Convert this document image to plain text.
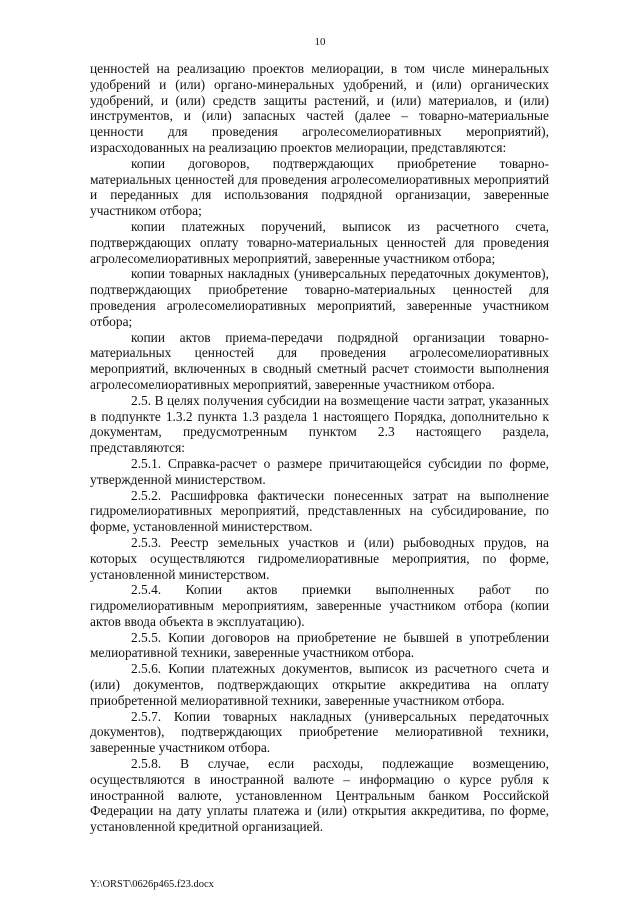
10

ценностей на реализацию проектов мелиорации, в том числе минеральных удобрений и (или) органо-минеральных удобрений, и (или) органических удобрений, и (или) средств защиты растений, и (или) материалов, и (или) инструментов, и (или) запасных частей (далее – товарно-материальные ценности для проведения агролесомелиоративных мероприятий), израсходованных на реализацию проектов мелиорации, представляются:

копии договоров, подтверждающих приобретение товарно-материальных ценностей для проведения агролесомелиоративных мероприятий и переданных для использования подрядной организации, заверенные участником отбора;

копии платежных поручений, выписок из расчетного счета, подтверждающих оплату товарно-материальных ценностей для проведения агролесомелиоративных мероприятий, заверенные участником отбора;

копии товарных накладных (универсальных передаточных документов), подтверждающих приобретение товарно-материальных ценностей для проведения агролесомелиоративных мероприятий, заверенные участником отбора;

копии актов приема-передачи подрядной организации товарно-материальных ценностей для проведения агролесомелиоративных мероприятий, включенных в сводный сметный расчет стоимости выполнения агролесомелиоративных мероприятий, заверенные участником отбора.

2.5. В целях получения субсидии на возмещение части затрат, указанных в подпункте 1.3.2 пункта 1.3 раздела 1 настоящего Порядка, дополнительно к документам, предусмотренным пунктом 2.3 настоящего раздела, представляются:

2.5.1. Справка-расчет о размере причитающейся субсидии по форме, утвержденной министерством.

2.5.2. Расшифровка фактически понесенных затрат на выполнение гидромелиоративных мероприятий, представленных на субсидирование, по форме, установленной министерством.

2.5.3. Реестр земельных участков и (или) рыбоводных прудов, на которых осуществляются гидромелиоративные мероприятия, по форме, установленной министерством.

2.5.4. Копии актов приемки выполненных работ по гидромелиоративным мероприятиям, заверенные участником отбора (копии актов ввода объекта в эксплуатацию).

2.5.5. Копии договоров на приобретение не бывшей в употреблении мелиоративной техники, заверенные участником отбора.

2.5.6. Копии платежных документов, выписок из расчетного счета и (или) документов, подтверждающих открытие аккредитива на оплату приобретенной мелиоративной техники, заверенные участником отбора.

2.5.7. Копии товарных накладных (универсальных передаточных документов), подтверждающих приобретение мелиоративной техники, заверенные участником отбора.

2.5.8. В случае, если расходы, подлежащие возмещению, осуществляются в иностранной валюте – информацию о курсе рубля к иностранной валюте, установленном Центральным банком Российской Федерации на дату уплаты платежа и (или) открытия аккредитива, по форме, установленной кредитной организацией.

Y:\ORST\0626p465.f23.docx
